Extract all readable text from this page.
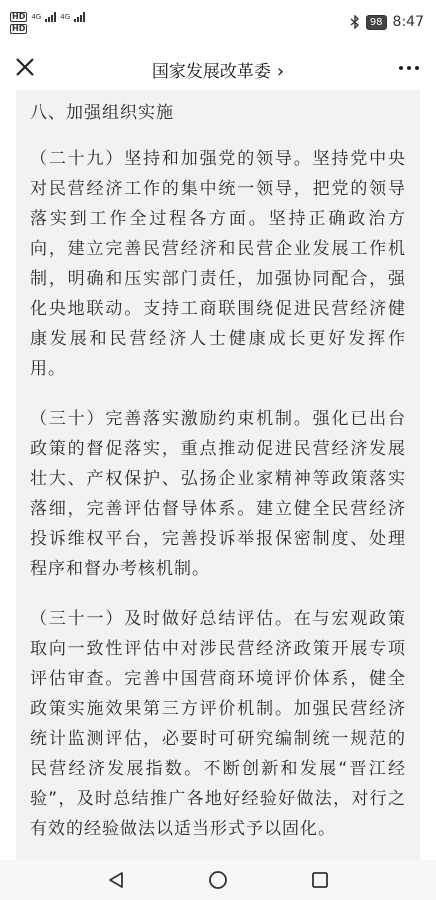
HD 4G	4G
HD
98 8:47
国家发展改革委 ›

八、加强组织实施

（二十九）坚持和加强党的领导。坚持党中央对民营经济工作的集中统一领导，把党的领导落实到工作全过程各方面。坚持正确政治方向，建立完善民营经济和民营企业发展工作机制，明确和压实部门责任，加强协同配合，强化央地联动。支持工商联围绕促进民营经济健康发展和民营经济人士健康成长更好发挥作用。

（三十）完善落实激励约束机制。强化已出台政策的督促落实，重点推动促进民营经济发展壮大、产权保护、弘扬企业家精神等政策落实落细，完善评估督导体系。建立健全民营经济投诉维权平台，完善投诉举报保密制度、处理程序和督办考核机制。

（三十一）及时做好总结评估。在与宏观政策取向一致性评估中对涉民营经济政策开展专项评估审查。完善中国营商环境评价体系，健全政策实施效果第三方评价机制。加强民营经济统计监测评估，必要时可研究编制统一规范的民营经济发展指数。不断创新和发展“晋江经验”，及时总结推广各地好经验好做法，对行之有效的经验做法以适当形式予以固化。
